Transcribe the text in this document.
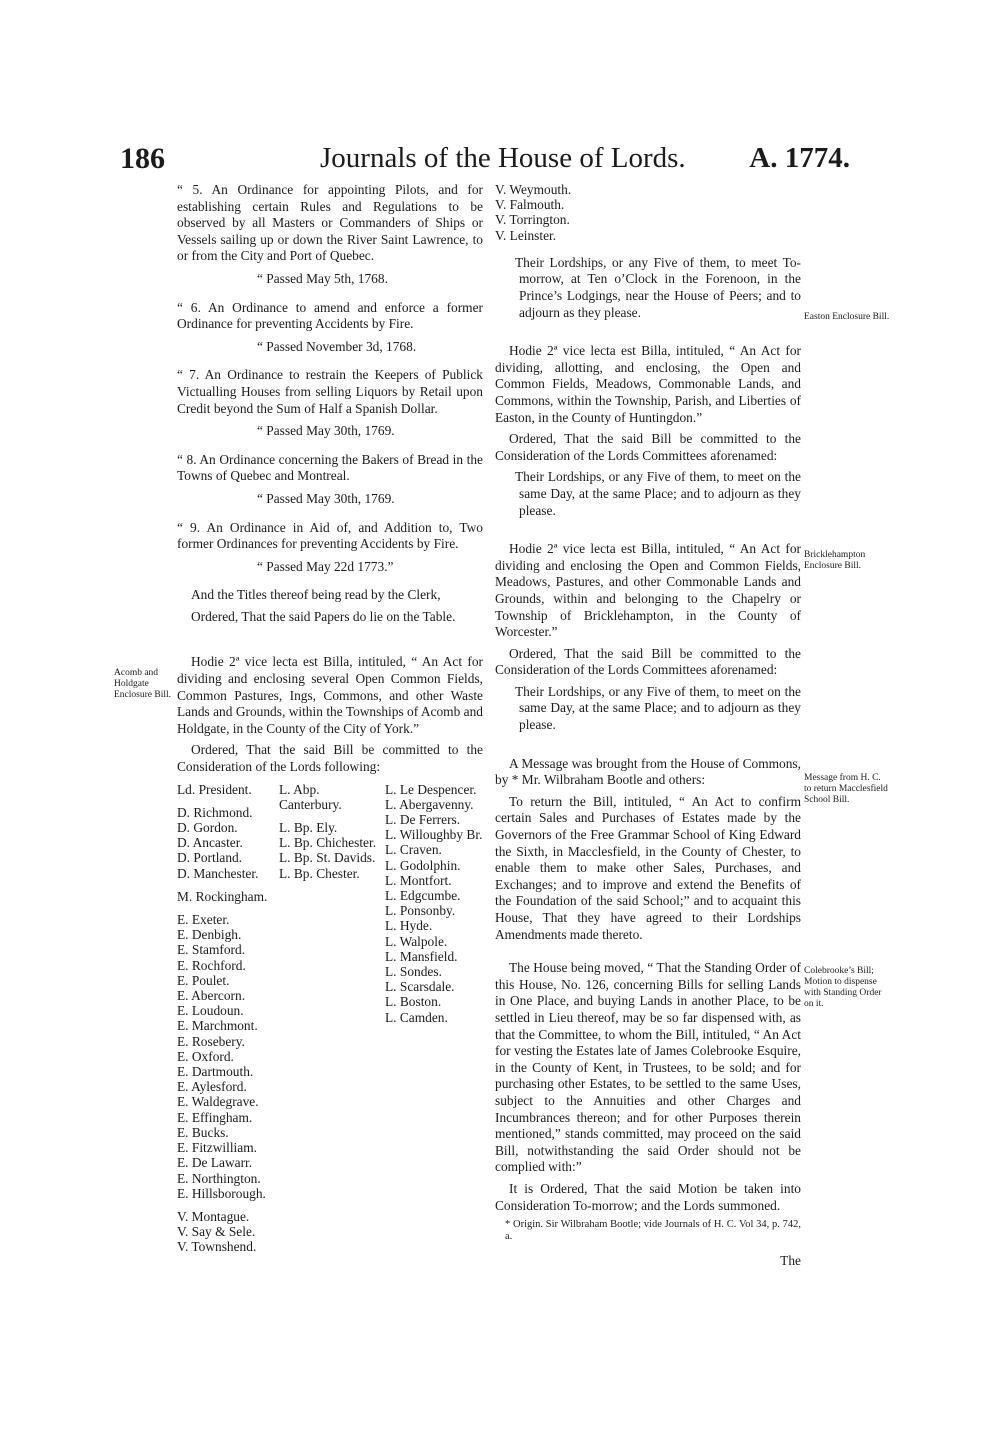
186	Journals of the House of Lords. A. 1774.

“ 5. An Ordinance for appointing Pilots, and for establishing certain Rules and Regulations to be observed by all Masters or Commanders of Ships or Vessels sailing up or down the River Saint Lawrence, to or from the City and Port of Quebec.

“ Passed May 5th, 1768.

“ 6. An Ordinance to amend and enforce a former Ordinance for preventing Accidents by Fire.

“ Passed November 3d, 1768.

“ 7. An Ordinance to restrain the Keepers of Publick Victualling Houses from selling Liquors by Retail upon Credit beyond the Sum of Half a Spanish Dollar.

“ Passed May 30th, 1769.

“ 8. An Ordinance concerning the Bakers of Bread in the Towns of Quebec and Montreal.

“ Passed May 30th, 1769.

“ 9. An Ordinance in Aid of, and Addition to, Two former Ordinances for preventing Accidents by Fire.

“ Passed May 22d 1773.”

And the Titles thereof being read by the Clerk,

Ordered, That the said Papers do lie on the Table.

Hodie 2ª vice lecta est Billa, intituled, “ An Act for dividing and enclosing several Open Common Fields, Common Pastures, Ings, Commons, and other Waste Lands and Grounds, within the Townships of Acomb and Holdgate, in the County of the City of York.”

Ordered, That the said Bill be committed to the Consideration of the Lords following:

Ld. President.
D. Richmond.
D. Gordon.
D. Ancaster.
D. Portland.
D. Manchester.
M. Rockingham.
E. Exeter.
E. Denbigh.
E. Stamford.
E. Rochford.
E. Poulet.
E. Abercorn.
E. Loudoun.
E. Marchmont.
E. Rosebery.
E. Oxford.
E. Dartmouth.
E. Aylesford.
E. Waldegrave.
E. Effingham.
E. Bucks.
E. Fitzwilliam.
E. De Lawarr.
E. Northington.
E. Hillsborough.
V. Montague.
V. Say & Sele.
V. Townshend.
L. Abp. Canterbury.
L. Bp. Ely.
L. Bp. Chichester.
L. Bp. St. Davids.
L. Bp. Chester.
L. Le Despencer.
L. Abergavenny.
L. De Ferrers.
L. Willoughby Br.
L. Craven.
L. Godolphin.
L. Montfort.
L. Edgcumbe.
L. Ponsonby.
L. Hyde.
L. Walpole.
L. Mansfield.
L. Sondes.
L. Scarsdale.
L. Boston.
L. Camden.
V. Weymouth.
V. Falmouth.
V. Torrington.
V. Leinster.

Their Lordships, or any Five of them, to meet To-morrow, at Ten o’Clock in the Forenoon, in the Prince’s Lodgings, near the House of Peers; and to adjourn as they please.

Hodie 2ª vice lecta est Billa, intituled, “ An Act for dividing, allotting, and enclosing, the Open and Common Fields, Meadows, Commonable Lands, and Commons, within the Township, Parish, and Liberties of Easton, in the County of Huntingdon.”

Ordered, That the said Bill be committed to the Consideration of the Lords Committees aforenamed:

Their Lordships, or any Five of them, to meet on the same Day, at the same Place; and to adjourn as they please.

Hodie 2ª vice lecta est Billa, intituled, “ An Act for dividing and enclosing the Open and Common Fields, Meadows, Pastures, and other Commonable Lands and Grounds, within and belonging to the Chapelry or Township of Bricklehampton, in the County of Worcester.”

Ordered, That the said Bill be committed to the Consideration of the Lords Committees aforenamed:

Their Lordships, or any Five of them, to meet on the same Day, at the same Place; and to adjourn as they please.

A Message was brought from the House of Commons, by * Mr. Wilbraham Bootle and others:

To return the Bill, intituled, “ An Act to confirm certain Sales and Purchases of Estates made by the Governors of the Free Grammar School of King Edward the Sixth, in Macclesfield, in the County of Chester, to enable them to make other Sales, Purchases, and Exchanges; and to improve and extend the Benefits of the Foundation of the said School;” and to acquaint this House, That they have agreed to their Lordships Amendments made thereto.

The House being moved, “ That the Standing Order of this House, No. 126, concerning Bills for selling Lands in One Place, and buying Lands in another Place, to be settled in Lieu thereof, may be so far dispensed with, as that the Committee, to whom the Bill, intituled, “ An Act for vesting the Estates late of James Colebrooke Esquire, in the County of Kent, in Trustees, to be sold; and for purchasing other Estates, to be settled to the same Uses, subject to the Annuities and other Charges and Incumbrances thereon; and for other Purposes therein mentioned,” stands committed, may proceed on the said Bill, notwithstanding the said Order should not be complied with:”

It is Ordered, That the said Motion be taken into Consideration To-morrow; and the Lords summoned.

* Origin. Sir Wilbraham Bootle; vide Journals of H. C. Vol 34, p. 742, a.

The

Acomb and Holdgate Enclosure Bill.
Easton Enclosure Bill.
Bricklehampton Enclosure Bill.
Message from H. C. to return Macclesfield School Bill.
Colebrooke’s Bill; Motion to dispense with Standing Order on it.
